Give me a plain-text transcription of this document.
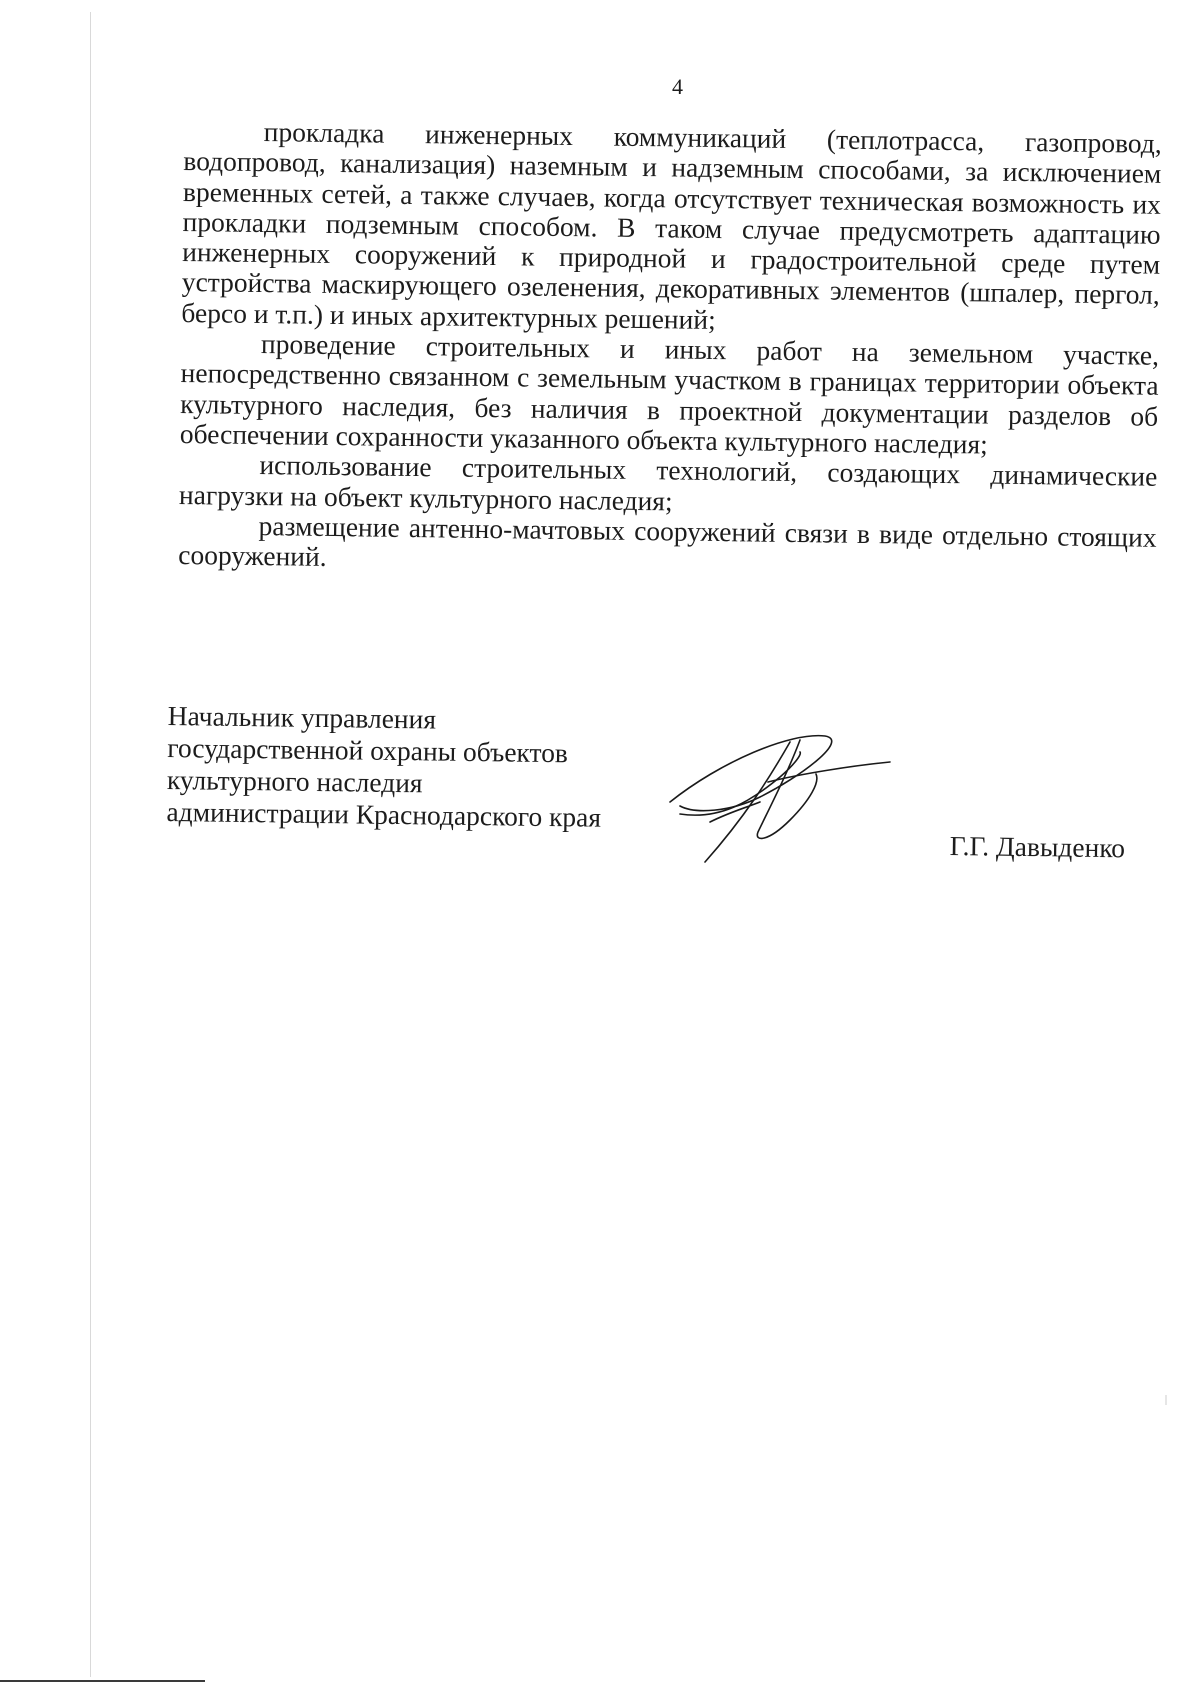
4

прокладка инженерных коммуникаций (теплотрасса, газопровод, водопровод, канализация) наземным и надземным способами, за исключением временных сетей, а также случаев, когда отсутствует техническая возможность их прокладки подземным способом. В таком случае предусмотреть адаптацию инженерных сооружений к природной и градостроительной среде путем устройства маскирующего озеленения, декоративных элементов (шпалер, пергол, берсо и т.п.) и иных архитектурных решений;

проведение строительных и иных работ на земельном участке, непосредственно связанном с земельным участком в границах территории объекта культурного наследия, без наличия в проектной документации разделов об обеспечении сохранности указанного объекта культурного наследия;

использование строительных технологий, создающих динамические нагрузки на объект культурного наследия;

размещение антенно-мачтовых сооружений связи в виде отдельно стоящих сооружений.

Начальник управления
государственной охраны объектов
культурного наследия
администрации Краснодарского края
Г.Г. Давыденко
